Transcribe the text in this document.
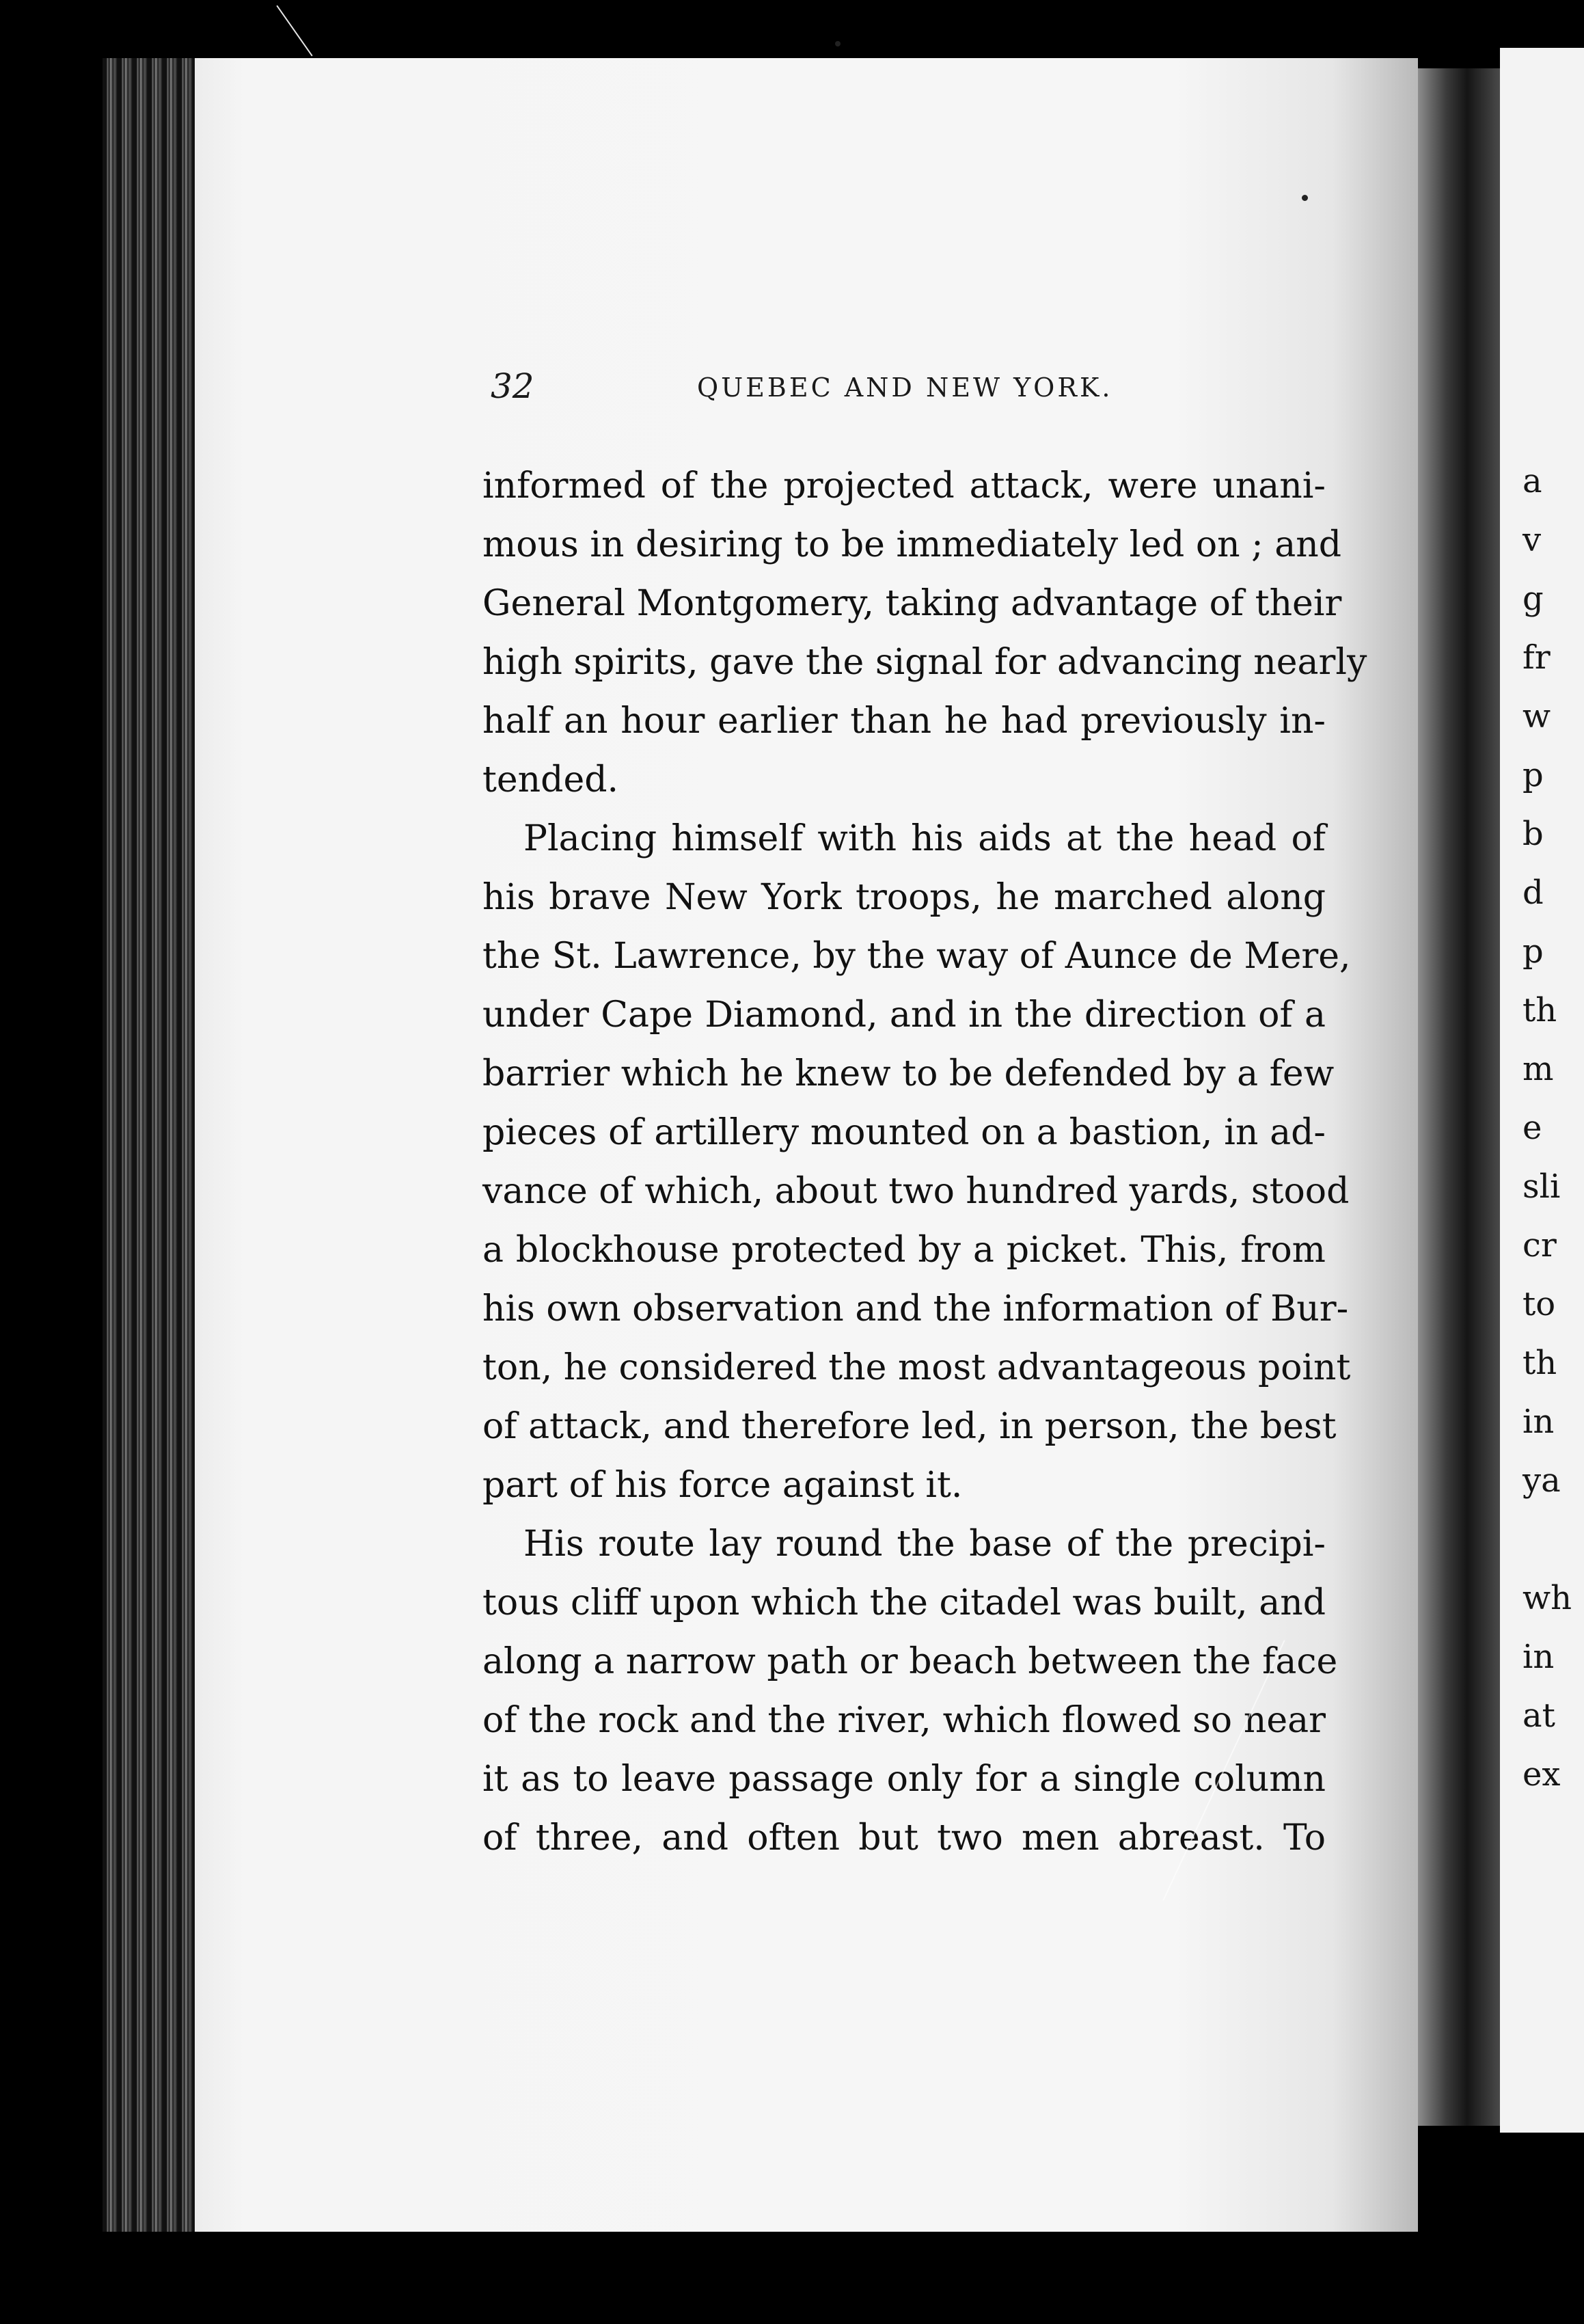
a
v
g
fr
w
p
b
d
p
th
m
e
sli
cr
to
th
in
ya
wh
in
at
ex
32	QUEBEC AND NEW YORK.
informed of the projected attack, were unani-
mous in desiring to be immediately led on ; and
General Montgomery, taking advantage of their
high spirits, gave the signal for advancing nearly
half an hour earlier than he had previously in-
tended.
Placing himself with his aids at the head of
his brave New York troops, he marched along
the St. Lawrence, by the way of Aunce de Mere,
under Cape Diamond, and in the direction of a
barrier which he knew to be defended by a few
pieces of artillery mounted on a bastion, in ad-
vance of which, about two hundred yards, stood
a blockhouse protected by a picket. This, from
his own observation and the information of Bur-
ton, he considered the most advantageous point
of attack, and therefore led, in person, the best
part of his force against it.
His route lay round the base of the precipi-
tous cliff upon which the citadel was built, and
along a narrow path or beach between the face
of the rock and the river, which flowed so near
it as to leave passage only for a single column
of three, and often but two men abreast. To
